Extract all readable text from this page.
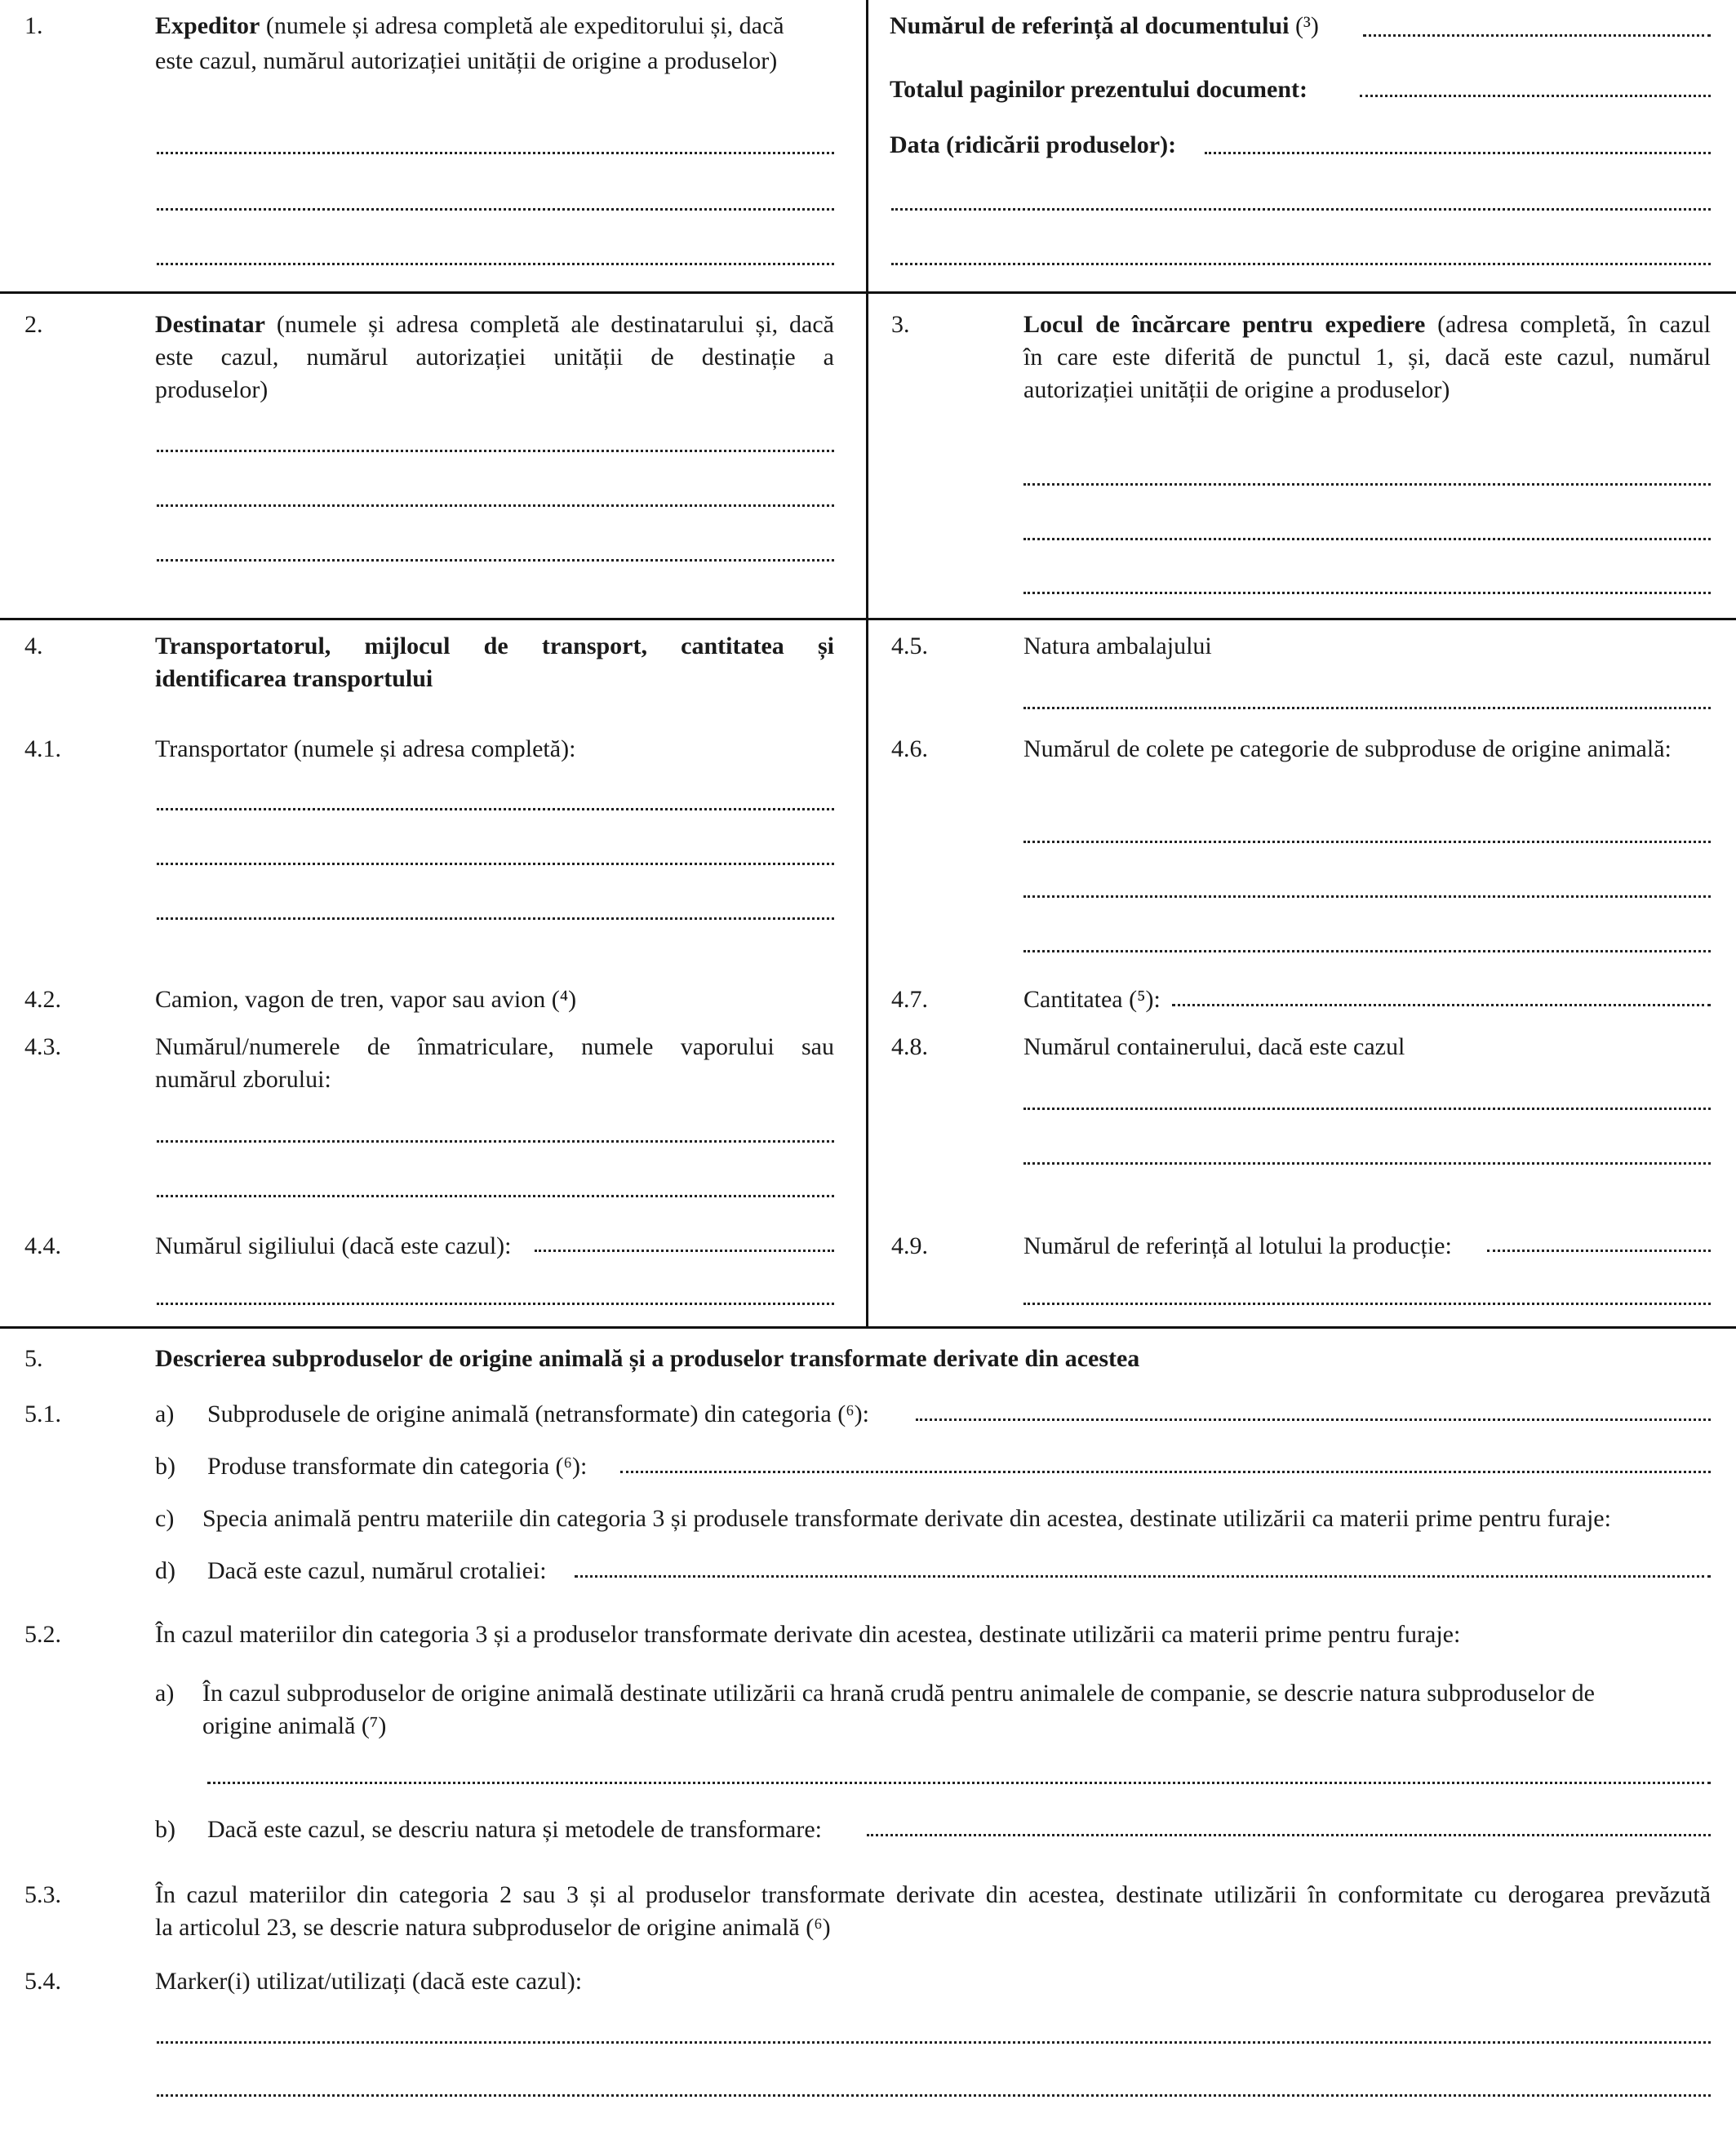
1.	Expeditor (numele și adresa completă ale expeditorului și, dacă
este cazul, numărul autorizației unității de origine a produselor)
Numărul de referință al documentului (³)
Totalul paginilor prezentului document:
Data (ridicării produselor):
2.	Destinatar (numele și adresa completă ale destinatarului și, dacă
este cazul, numărul autorizației unității de destinație a
produselor)
3.	Locul de încărcare pentru expediere (adresa completă, în cazul
în care este diferită de punctul 1, și, dacă este cazul, numărul
autorizației unității de origine a produselor)
4.	Transportatorul, mijlocul de transport, cantitatea și
identificarea transportului
4.1.	Transportator (numele și adresa completă):
4.2.	Camion, vagon de tren, vapor sau avion (⁴)
4.3.	Numărul/numerele de înmatriculare, numele vaporului sau
numărul zborului:
4.4.	Numărul sigiliului (dacă este cazul):
4.5.	Natura ambalajului
4.6.	Numărul de colete pe categorie de subproduse de origine animală:
4.7.	Cantitatea (⁵):
4.8.	Numărul containerului, dacă este cazul
4.9.	Numărul de referință al lotului la producție:
5.	Descrierea subproduselor de origine animală și a produselor transformate derivate din acestea
5.1.	a) Subprodusele de origine animală (netransformate) din categoria (⁶):
b) Produse transformate din categoria (⁶):
c) Specia animală pentru materiile din categoria 3 și produsele transformate derivate din acestea, destinate utilizării ca materii prime pentru furaje:
d) Dacă este cazul, numărul crotaliei:
5.2.	În cazul materiilor din categoria 3 și a produselor transformate derivate din acestea, destinate utilizării ca materii prime pentru furaje:
a) În cazul subproduselor de origine animală destinate utilizării ca hrană crudă pentru animalele de companie, se descrie natura subproduselor de
origine animală (⁷)
b) Dacă este cazul, se descriu natura și metodele de transformare:
5.3.	În cazul materiilor din categoria 2 sau 3 și al produselor transformate derivate din acestea, destinate utilizării în conformitate cu derogarea prevăzută
la articolul 23, se descrie natura subproduselor de origine animală (⁶)
5.4.	Marker(i) utilizat/utilizați (dacă este cazul):
